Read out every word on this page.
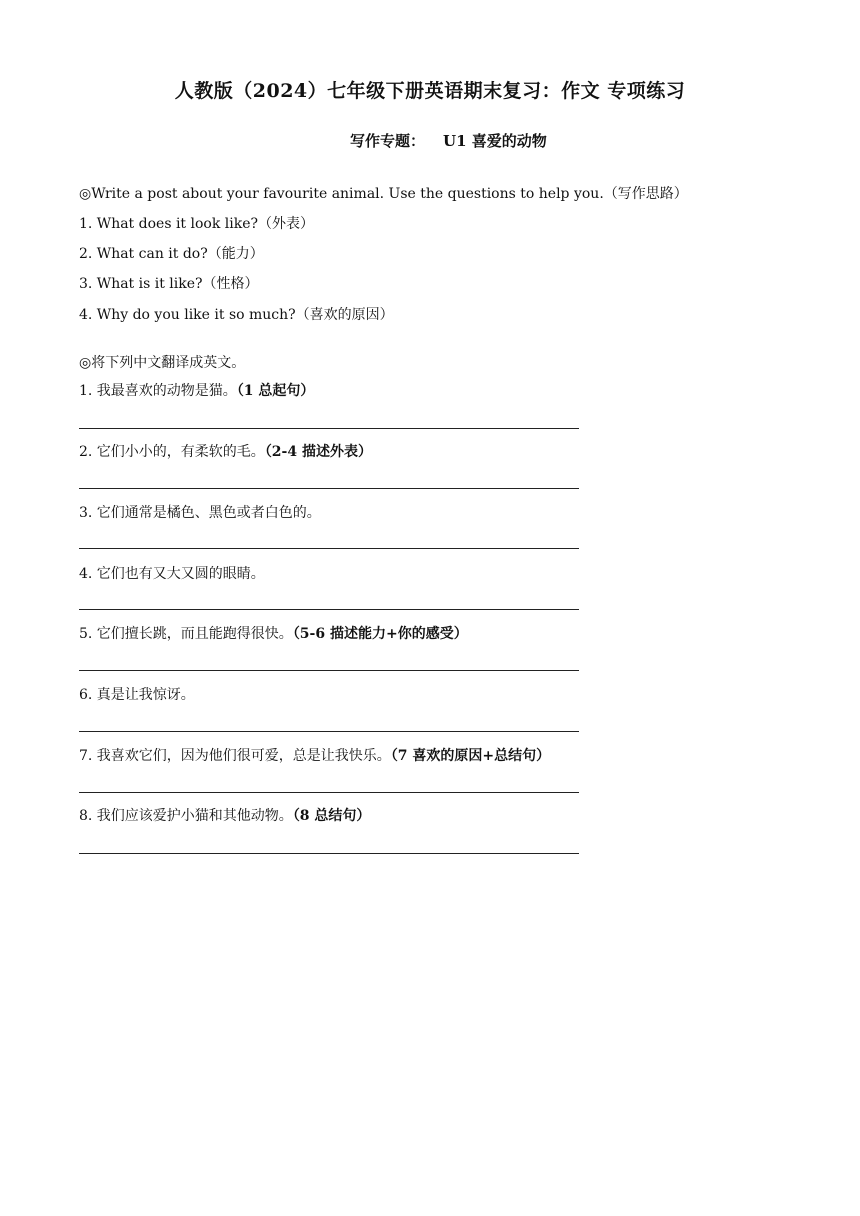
人教版（2024）七年级下册英语期末复习：作文 专项练习
写作专题： U1 喜爱的动物
◎Write a post about your favourite animal. Use the questions to help you.（写作思路）
1. What does it look like?（外表）
2. What can it do?（能力）
3. What is it like?（性格）
4. Why do you like it so much?（喜欢的原因）
◎将下列中文翻译成英文。
1. 我最喜欢的动物是猫。（1 总起句）
2. 它们小小的，有柔软的毛。（2-4 描述外表）
3. 它们通常是橘色、黑色或者白色的。
4. 它们也有又大又圆的眼睛。
5. 它们擅长跳，而且能跑得很快。（5-6 描述能力+你的感受）
6. 真是让我惊讶。
7. 我喜欢它们，因为他们很可爱，总是让我快乐。（7 喜欢的原因+总结句）
8. 我们应该爱护小猫和其他动物。（8 总结句）
